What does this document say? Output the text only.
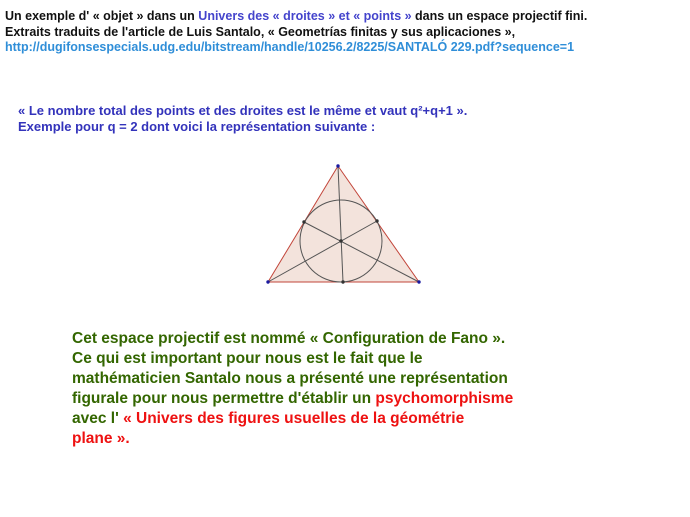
Un exemple d' « objet » dans un Univers des « droites » et « points » dans un espace projectif fini.
Extraits traduits de l'article de Luis Santalo, « Geometrías finitas y sus aplicaciones »,
http://dugifonsespecials.udg.edu/bitstream/handle/10256.2/8225/SANTALÓ 229.pdf?sequence=1
« Le nombre total des points et des droites est le même et vaut q²+q+1 ».
Exemple pour q = 2 dont voici la représentation suivante :
Cet espace projectif est nommé « Configuration de Fano ».
Ce qui est important pour nous est le fait que le
mathématicien Santalo nous a présenté une représentation
figurale pour nous permettre d'établir un psychomorphisme
avec l' « Univers des figures usuelles de la géométrie
plane ».
